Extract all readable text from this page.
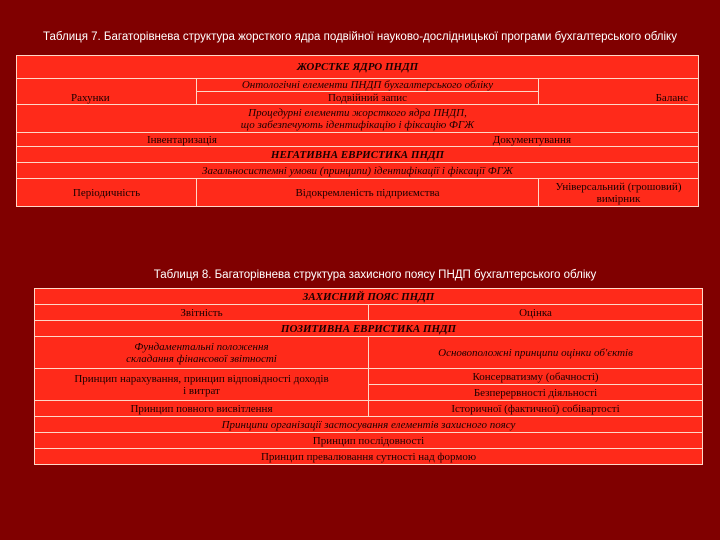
Таблиця 7. Багаторівнева структура жорсткого ядра подвійної науково-дослідницької програми бухгалтерського обліку
ЖОРСТКЕ ЯДРО ПНДП		
	Онтологічні елементи ПНДП бухгалтерського обліку	
Рахунки	Подвійний запис	Баланс

Процедурні елементи жорсткого ядра ПНДП,
що забезпечують ідентифікацію і фіксацію ФГЖ		

Інвентаризація Документування		

НЕГАТИВНА ЕВРИСТИКА ПНДП		
Загальносистемні умови (принципи) ідентифікації і фіксації ФГЖ		
Періодичність	Відокремленість підприємства	Універсальний (грошовий) вимірник
Таблиця 8. Багаторівнева структура захисного поясу ПНДП бухгалтерського обліку
ЗАХИСНИЙ ПОЯС ПНДП	
Звітність	Оцінка
ПОЗИТИВНА ЕВРИСТИКА ПНДП	

Фундаментальні положення
складання фінансової звітності	Основоположні принципи оцінки об'єктів

Принцип нарахування, принцип відповідності доходів
і витрат	Консерватизму (обачності)
	Безперервності діяльності
Принцип повного висвітлення	Історичної (фактичної) собівартості
Принципи організації застосування елементів захисного поясу	
Принцип послідовності	
Принцип превалювання сутності над формою	
